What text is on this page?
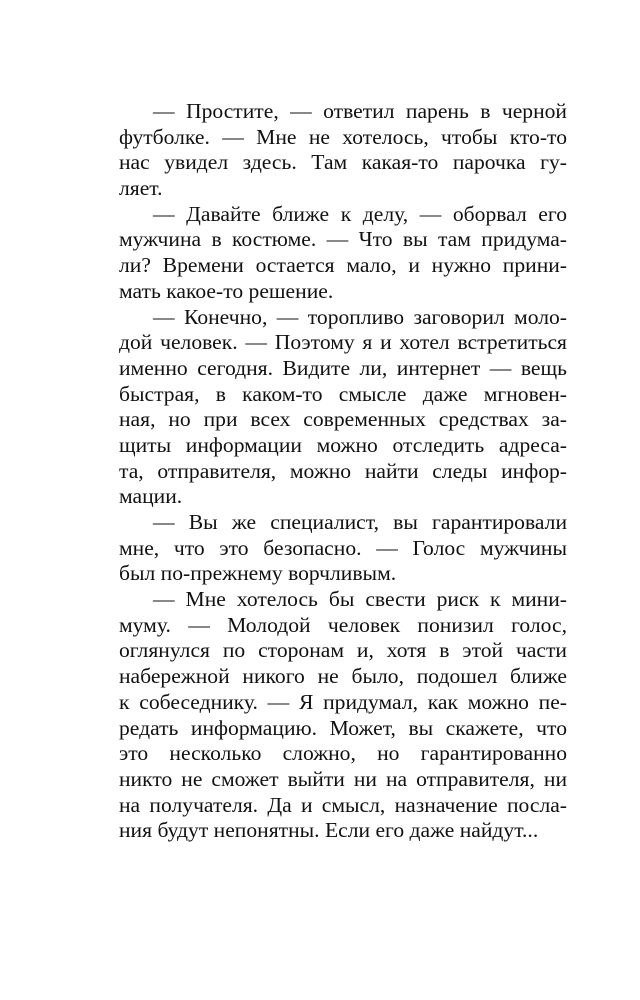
— Простите, — ответил парень в черной
футболке. — Мне не хотелось, чтобы кто-то
нас увидел здесь. Там какая-то парочка гу-
ляет.
— Давайте ближе к делу, — оборвал его
мужчина в костюме. — Что вы там придума-
ли? Времени остается мало, и нужно прини-
мать какое-то решение.
— Конечно, — торопливо заговорил моло-
дой человек. — Поэтому я и хотел встретиться
именно сегодня. Видите ли, интернет — вещь
быстрая, в каком-то смысле даже мгновен-
ная, но при всех современных средствах за-
щиты информации можно отследить адреса-
та, отправителя, можно найти следы инфор-
мации.
— Вы же специалист, вы гарантировали
мне, что это безопасно. — Голос мужчины
был по-прежнему ворчливым.
— Мне хотелось бы свести риск к мини-
муму. — Молодой человек понизил голос,
оглянулся по сторонам и, хотя в этой части
набережной никого не было, подошел ближе
к собеседнику. — Я придумал, как можно пе-
редать информацию. Может, вы скажете, что
это несколько сложно, но гарантированно
никто не сможет выйти ни на отправителя, ни
на получателя. Да и смысл, назначение посла-
ния будут непонятны. Если его даже найдут...
